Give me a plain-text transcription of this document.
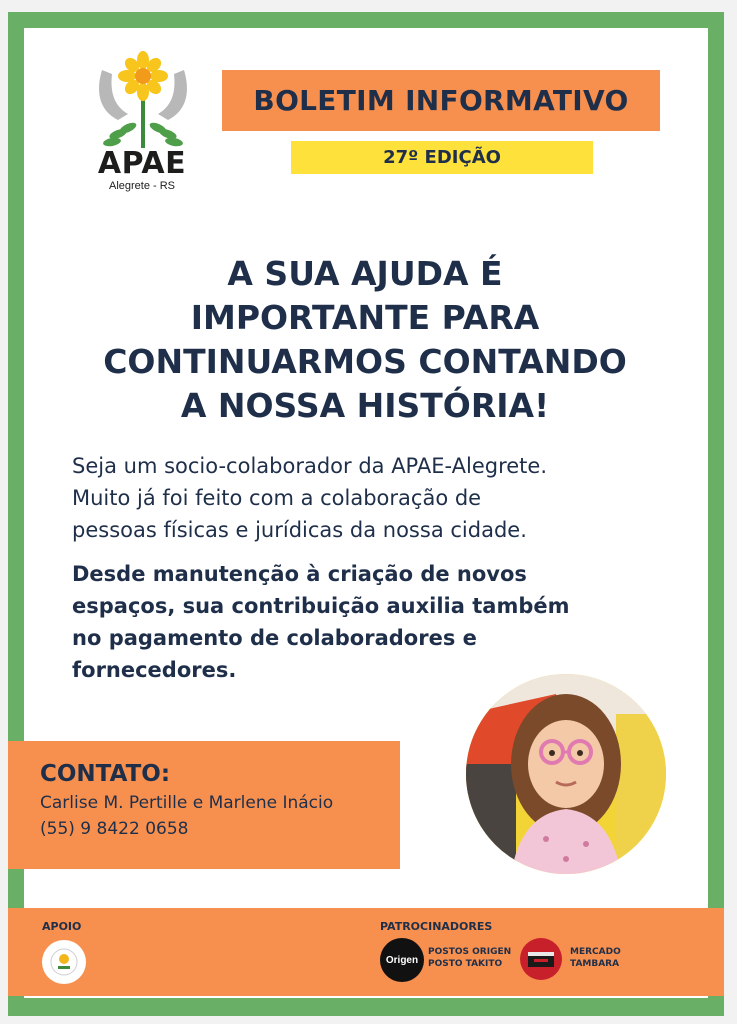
APAE
Alegrete - RS
BOLETIM INFORMATIVO
27º EDIÇÃO
A SUA AJUDA É
IMPORTANTE PARA
CONTINUARMOS CONTANDO
A NOSSA HISTÓRIA!
Seja um socio-colaborador da APAE-Alegrete.
Muito já foi feito com a colaboração de
pessoas físicas e jurídicas da nossa cidade.
Desde manutenção à criação de novos
espaços, sua contribuição auxilia também
no pagamento de colaboradores e
fornecedores.
CONTATO:
Carlise M. Pertille e Marlene Inácio
(55) 9 8422 0658
APOIO	PATROCINADORES
Origen
POSTOS ORIGEN
POSTO TAKITO
MERCADO
TAMBARA
